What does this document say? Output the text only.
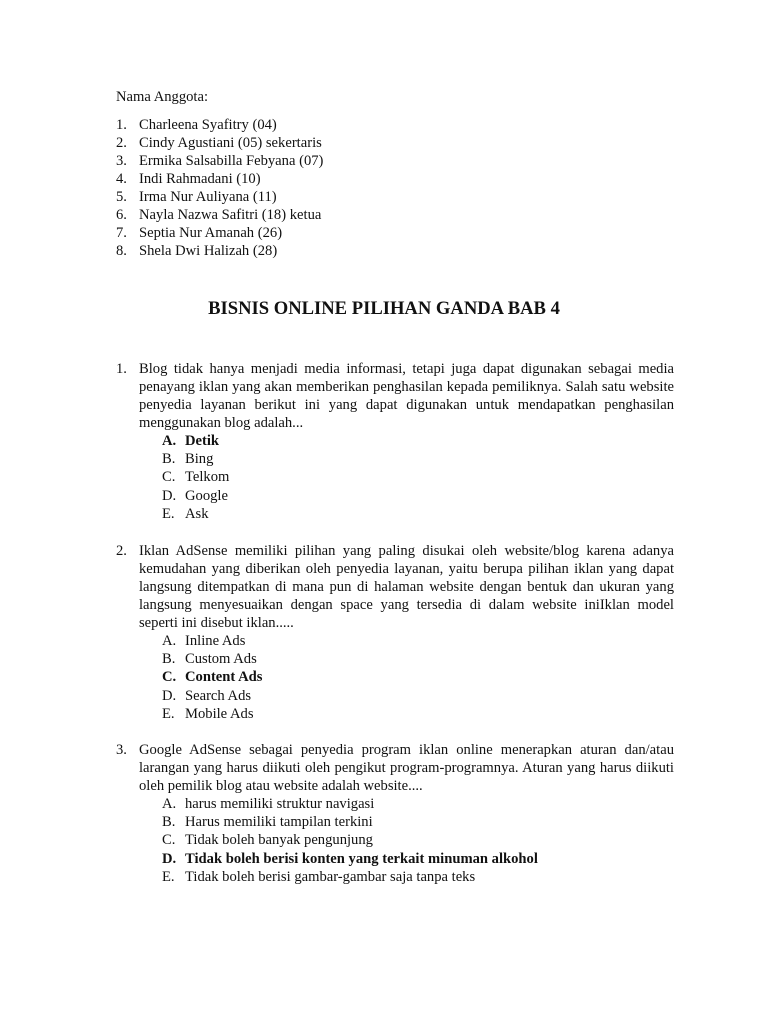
Nama Anggota:
1. Charleena Syafitry (04)
2. Cindy Agustiani (05) sekertaris
3. Ermika Salsabilla Febyana (07)
4. Indi Rahmadani (10)
5. Irma Nur Auliyana (11)
6. Nayla Nazwa Safitri (18) ketua
7. Septia Nur Amanah (26)
8. Shela Dwi Halizah (28)
BISNIS ONLINE PILIHAN GANDA BAB 4
1. Blog tidak hanya menjadi media informasi, tetapi juga dapat digunakan sebagai media penayang iklan yang akan memberikan penghasilan kepada pemiliknya. Salah satu website penyedia layanan berikut ini yang dapat digunakan untuk mendapatkan penghasilan menggunakan blog adalah...
A. Detik
B. Bing
C. Telkom
D. Google
E. Ask
2. Iklan AdSense memiliki pilihan yang paling disukai oleh website/blog karena adanya kemudahan yang diberikan oleh penyedia layanan, yaitu berupa pilihan iklan yang dapat langsung ditempatkan di mana pun di halaman website dengan bentuk dan ukuran yang langsung menyesuaikan dengan space yang tersedia di dalam website iniIklan model seperti ini disebut iklan.....
A. Inline Ads
B. Custom Ads
C. Content Ads
D. Search Ads
E. Mobile Ads
3. Google AdSense sebagai penyedia program iklan online menerapkan aturan dan/atau larangan yang harus diikuti oleh pengikut program-programnya. Aturan yang harus diikuti oleh pemilik blog atau website adalah website....
A. harus memiliki struktur navigasi
B. Harus memiliki tampilan terkini
C. Tidak boleh banyak pengunjung
D. Tidak boleh berisi konten yang terkait minuman alkohol
E. Tidak boleh berisi gambar-gambar saja tanpa teks
